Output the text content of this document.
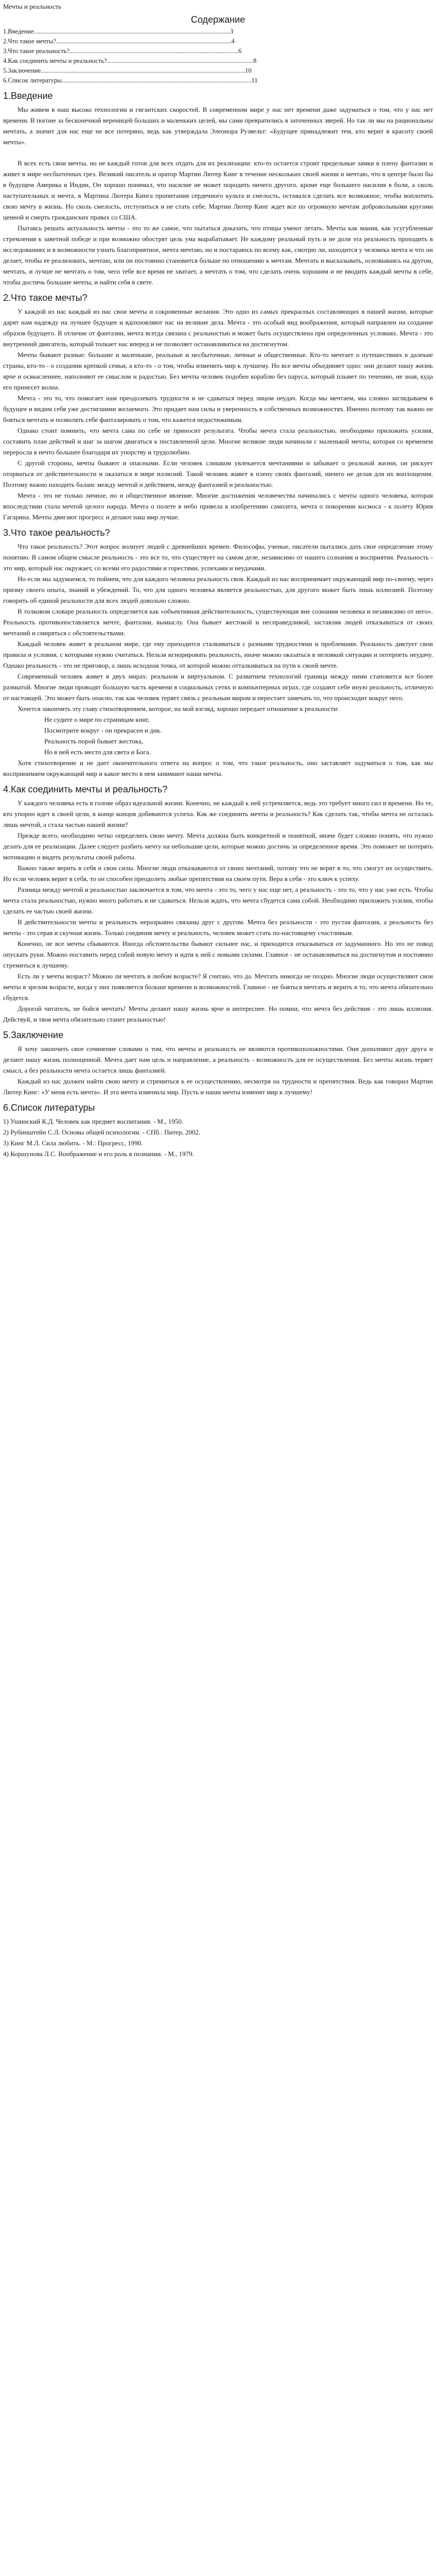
Мечты и реальность
Содержание
1.Введение..........................................................................................................................3
2.Что такое мечты?.............................................................................................................4
3.Что такое реальность?.........................................................................................................6
4.Как соединить мечты и реальность?...........................................................................................8
5.Заключение...............................................................................................................................10
6.Список литературы......................................................................................................................11
1.Введение

Мы живем в наш высоко технологии и гигантских скоростей. В современном мире у нас нет времени даже задуматься о том, что у нас нет времени. В погоне за бесконечной вереницей больших и маленьких целей, мы сами превратились в заточенных зверей. Но так ли мы на рациональны мечтать, а значит для нас еще не все потеряно, ведь как утверждала Элеонора Рузвельт: «Будущее принадлежит тем, кто верит в красоту своей мечты».

В всех есть свои мечты, но не каждый готов для всех отдать для их реализации: кто-то остается строит предельные замки в плену фантазии и живет в мире несбыточных грез. Великий писатель и оратор Мартин Лютер Кинг в течение нескольких своей жизни и мечтаю, что в центре было бы в будущем Америка в Индии, Он хорошо понимал, что насилие не может породить ничего другого, кроме еще большего насилия в боли, а сколь наступательных и мечта, в Мартина Лютера Кинга пропитания сердечного культа и смелость, оставался сделать все возможное, чтобы воплотить свою мечту в жизнь. Но сколь смелость, отступиться и не стать себе, Мартин Лютер Кинг ждет все по огромную мечтам добровольными кругами ценной и смерть гражданских правах со США.

Пытаясь решать актуальность мечты - это то же самое, что пытаться доказать, что птицы умеют летать. Мечты как мания, как усугубленные стремления к заветной победе и при возможно обострят цель ума вырабатывает. Не каждому реальный путь и не доля эта реальность проходить в исследованиях и в возможности узнать благоприятное, мечта мечтаю, но и постараюсь по всему как, смотрю ли, находится у человека мечта и что он делает, чтобы ее реализовать, мечтаю, или он постоянно становится больше по отношению к мечтам. Мечтать и высказывать, основываясь на другом, мечтать, и лучше не мечтать о том, чего тебе все время не хватает, а мечтать о том, что сделать очень хорошим и не вводить каждый мечты в себе, чтобы достичь большие мечты, и найти себя в свете.

2.Что такое мечты?

У каждой из нас каждый из нас свои мечты и сокровенные желания. Это одно из самых прекрасных составляющих в нашей жизни, которые дарят нам надежду на лучшее будущее и вдохновляют нас на великие дела. Мечта - это особый вид воображения, который направлен на создание образов будущего. В отличие от фантазии, мечта всегда связана с реальностью и может быть осуществлена при определенных условиях. Мечта - это внутренний двигатель, который толкает нас вперед и не позволяет останавливаться на достигнутом.

Мечты бывают разные: большие и маленькие, реальные и несбыточные, личные и общественные. Кто-то мечтает о путешествиях в далекие страны, кто-то - о создании крепкой семьи, а кто-то - о том, чтобы изменить мир к лучшему. Но все мечты объединяет одно: они делают нашу жизнь ярче и осмысленнее, наполняют ее смыслом и радостью. Без мечты человек подобен кораблю без паруса, который плывет по течению, не зная, куда его принесет волна.

Мечта - это то, что помогает нам преодолевать трудности и не сдаваться перед лицом неудач. Когда мы мечтаем, мы словно заглядываем в будущее и видим себя уже достигшими желаемого. Это придает нам силы и уверенность в собственных возможностях. Именно поэтому так важно не бояться мечтать и позволять себе фантазировать о том, что кажется недостижимым.

Однако стоит помнить, что мечта сама по себе не приносит результата. Чтобы мечта стала реальностью, необходимо приложить усилия, составить план действий и шаг за шагом двигаться к поставленной цели. Многие великие люди начинали с маленькой мечты, которая со временем переросла в нечто большее благодаря их упорству и трудолюбию.

С другой стороны, мечты бывают и опасными. Если человек слишком увлекается мечтаниями и забывает о реальной жизни, он рискует оторваться от действительности и оказаться в мире иллюзий. Такой человек живет в плену своих фантазий, ничего не делая для их воплощения. Поэтому важно находить баланс между мечтой и действием, между фантазией и реальностью.

Мечта - это не только личное, но и общественное явление. Многие достижения человечества начинались с мечты одного человека, которая впоследствии стала мечтой целого народа. Мечта о полете в небо привела к изобретению самолета, мечта о покорении космоса - к полету Юрия Гагарина. Мечты двигают прогресс и делают наш мир лучше.

3.Что такое реальность?

Что такое реальность? Этот вопрос волнует людей с древнейших времен. Философы, ученые, писатели пытались дать свое определение этому понятию. В самом общем смысле реальность - это все то, что существует на самом деле, независимо от нашего сознания и восприятия. Реальность - это мир, который нас окружает, со всеми его радостями и горестями, успехами и неудачами.

Но если мы задумаемся, то поймем, что для каждого человека реальность своя. Каждый из нас воспринимает окружающий мир по-своему, через призму своего опыта, знаний и убеждений. То, что для одного человека является реальностью, для другого может быть лишь иллюзией. Поэтому говорить об единой реальности для всех людей довольно сложно.

В толковом словаре реальность определяется как «объективная действительность, существующая вне сознания человека и независимо от него». Реальность противопоставляется мечте, фантазии, вымыслу. Она бывает жестокой и несправедливой, заставляя людей отказываться от своих мечтаний и смиряться с обстоятельствами.

Каждый человек живет в реальном мире, где ему приходится сталкиваться с разными трудностями и проблемами. Реальность диктует свои правила и условия, с которыми нужно считаться. Нельзя игнорировать реальность, иначе можно оказаться в неловкой ситуации и потерпеть неудачу. Однако реальность - это не приговор, а лишь исходная точка, от которой можно отталкиваться на пути к своей мечте.

Современный человек живет в двух мирах: реальном и виртуальном. С развитием технологий граница между ними становится все более размытой. Многие люди проводят большую часть времени в социальных сетях и компьютерных играх, где создают себе иную реальность, отличную от настоящей. Это может быть опасно, так как человек теряет связь с реальным миром и перестает замечать то, что происходит вокруг него.

Хочется закончить эту главу стихотворением, которое, на мой взгляд, хорошо передает отношение к реальности:

Не судите о мире по страницам книг,
Посмотрите вокруг - он прекрасен и дик.
Реальность порой бывает жестока,
Но в ней есть место для света и Бога.

Хотя стихотворение и не дает окончательного ответа на вопрос о том, что такое реальность, оно заставляет задуматься о том, как мы воспринимаем окружающий мир и какое место в нем занимают наши мечты.

4.Как соединить мечты и реальность?

У каждого человека есть в голове образ идеальной жизни. Конечно, не каждый к ней устремляется, ведь это требует много сил и времени. Но те, кто упорно идет к своей цели, в конце концов добиваются успеха. Как же соединить мечты и реальность? Как сделать так, чтобы мечта не осталась лишь мечтой, а стала частью нашей жизни?

Прежде всего, необходимо четко определить свою мечту. Мечта должна быть конкретной и понятной, иначе будет сложно понять, что нужно делать для ее реализации. Далее следует разбить мечту на небольшие цели, которые можно достичь за определенное время. Это поможет не потерять мотивацию и видеть результаты своей работы.

Важно также верить в себя и свои силы. Многие люди отказываются от своих мечтаний, потому что не верят в то, что смогут их осуществить. Но если человек верит в себя, то он способен преодолеть любые препятствия на своем пути. Вера в себя - это ключ к успеху.

Разница между мечтой и реальностью заключается в том, что мечта - это то, чего у нас еще нет, а реальность - это то, что у нас уже есть. Чтобы мечта стала реальностью, нужно много работать и не сдаваться. Нельзя ждать, что мечта сбудется сама собой. Необходимо приложить усилия, чтобы сделать ее частью своей жизни.

В действительности мечты и реальность неразрывно связаны друг с другом. Мечта без реальности - это пустая фантазия, а реальность без мечты - это серая и скучная жизнь. Только соединив мечту и реальность, человек может стать по-настоящему счастливым.

Конечно, не все мечты сбываются. Иногда обстоятельства бывают сильнее нас, и приходится отказываться от задуманного. Но это не повод опускать руки. Можно поставить перед собой новую мечту и идти к ней с новыми силами. Главное - не останавливаться на достигнутом и постоянно стремиться к лучшему.

Есть ли у мечты возраст? Можно ли мечтать в любом возрасте? Я считаю, что да. Мечтать никогда не поздно. Многие люди осуществляют свои мечты в зрелом возрасте, когда у них появляется больше времени и возможностей. Главное - не бояться мечтать и верить в то, что мечта обязательно сбудется.

Дорогой читатель, не бойся мечтать! Мечты делают нашу жизнь ярче и интереснее. Но помни, что мечта без действия - это лишь иллюзия. Действуй, и твоя мечта обязательно станет реальностью!

5.Заключение

Я хочу закончить свое сочинение словами о том, что мечты и реальность не являются противоположностями. Они дополняют друг друга и делают нашу жизнь полноценной. Мечта дает нам цель и направление, а реальность - возможность для ее осуществления. Без мечты жизнь теряет смысл, а без реальности мечта остается лишь фантазией.

Каждый из нас должен найти свою мечту и стремиться к ее осуществлению, несмотря на трудности и препятствия. Ведь как говорил Мартин Лютер Кинг: «У меня есть мечта». И эта мечта изменила мир. Пусть и наши мечты изменят мир к лучшему!

6.Список литературы
1) Ушинский К.Д. Человек как предмет воспитания. - М., 1950.
2) Рубинштейн С.Л. Основы общей психологии. - СПб.: Питер, 2002.
3) Кинг М.Л. Сила любить. - М.: Прогресс, 1990.
4) Коршунова Л.С. Воображение и его роль в познании. - М., 1979.
